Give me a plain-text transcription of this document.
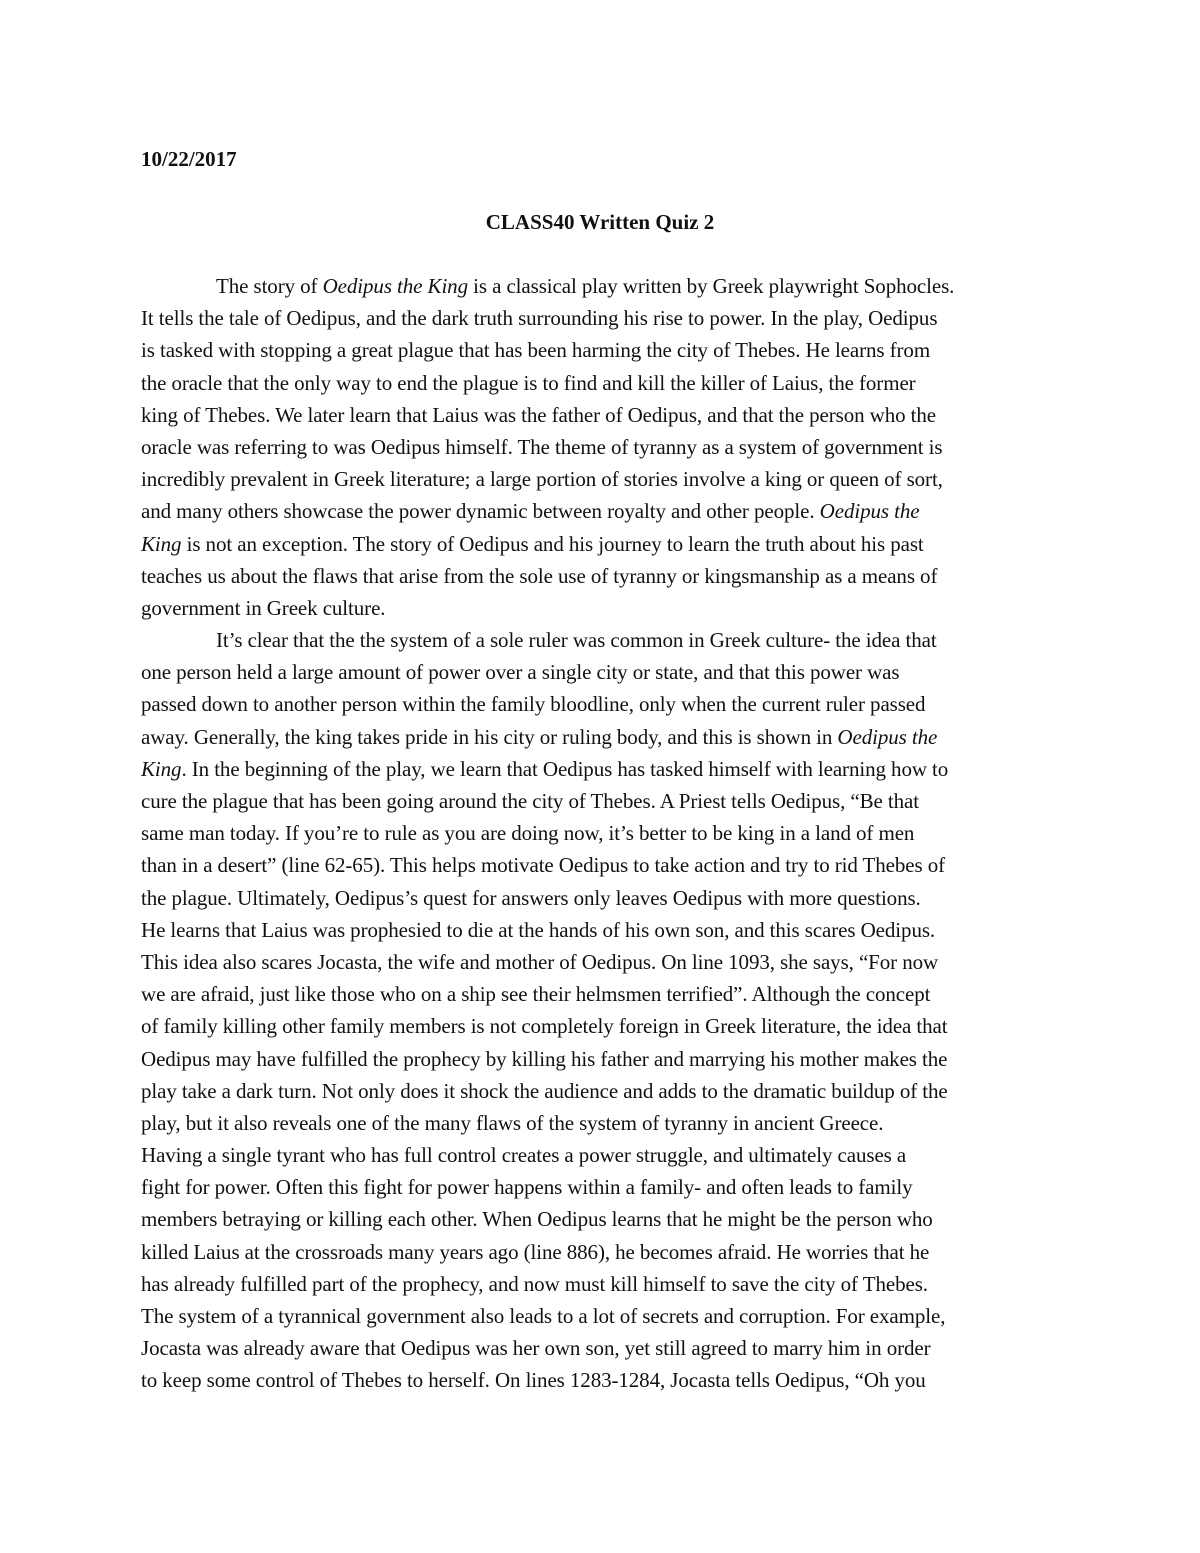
10/22/2017
CLASS40 Written Quiz 2
The story of Oedipus the King is a classical play written by Greek playwright Sophocles.
It tells the tale of Oedipus, and the dark truth surrounding his rise to power. In the play, Oedipus
is tasked with stopping a great plague that has been harming the city of Thebes. He learns from
the oracle that the only way to end the plague is to find and kill the killer of Laius, the former
king of Thebes. We later learn that Laius was the father of Oedipus, and that the person who the
oracle was referring to was Oedipus himself. The theme of tyranny as a system of government is
incredibly prevalent in Greek literature; a large portion of stories involve a king or queen of sort,
and many others showcase the power dynamic between royalty and other people. Oedipus the
King is not an exception. The story of Oedipus and his journey to learn the truth about his past
teaches us about the flaws that arise from the sole use of tyranny or kingsmanship as a means of
government in Greek culture.
It’s clear that the the system of a sole ruler was common in Greek culture- the idea that
one person held a large amount of power over a single city or state, and that this power was
passed down to another person within the family bloodline, only when the current ruler passed
away. Generally, the king takes pride in his city or ruling body, and this is shown in Oedipus the
King. In the beginning of the play, we learn that Oedipus has tasked himself with learning how to
cure the plague that has been going around the city of Thebes. A Priest tells Oedipus, “Be that
same man today. If you’re to rule as you are doing now, it’s better to be king in a land of men
than in a desert” (line 62-65). This helps motivate Oedipus to take action and try to rid Thebes of
the plague. Ultimately, Oedipus’s quest for answers only leaves Oedipus with more questions.
He learns that Laius was prophesied to die at the hands of his own son, and this scares Oedipus.
This idea also scares Jocasta, the wife and mother of Oedipus. On line 1093, she says, “For now
we are afraid, just like those who on a ship see their helmsmen terrified”. Although the concept
of family killing other family members is not completely foreign in Greek literature, the idea that
Oedipus may have fulfilled the prophecy by killing his father and marrying his mother makes the
play take a dark turn. Not only does it shock the audience and adds to the dramatic buildup of the
play, but it also reveals one of the many flaws of the system of tyranny in ancient Greece.
Having a single tyrant who has full control creates a power struggle, and ultimately causes a
fight for power. Often this fight for power happens within a family- and often leads to family
members betraying or killing each other. When Oedipus learns that he might be the person who
killed Laius at the crossroads many years ago (line 886), he becomes afraid. He worries that he
has already fulfilled part of the prophecy, and now must kill himself to save the city of Thebes.
The system of a tyrannical government also leads to a lot of secrets and corruption. For example,
Jocasta was already aware that Oedipus was her own son, yet still agreed to marry him in order
to keep some control of Thebes to herself. On lines 1283-1284, Jocasta tells Oedipus, “Oh you
